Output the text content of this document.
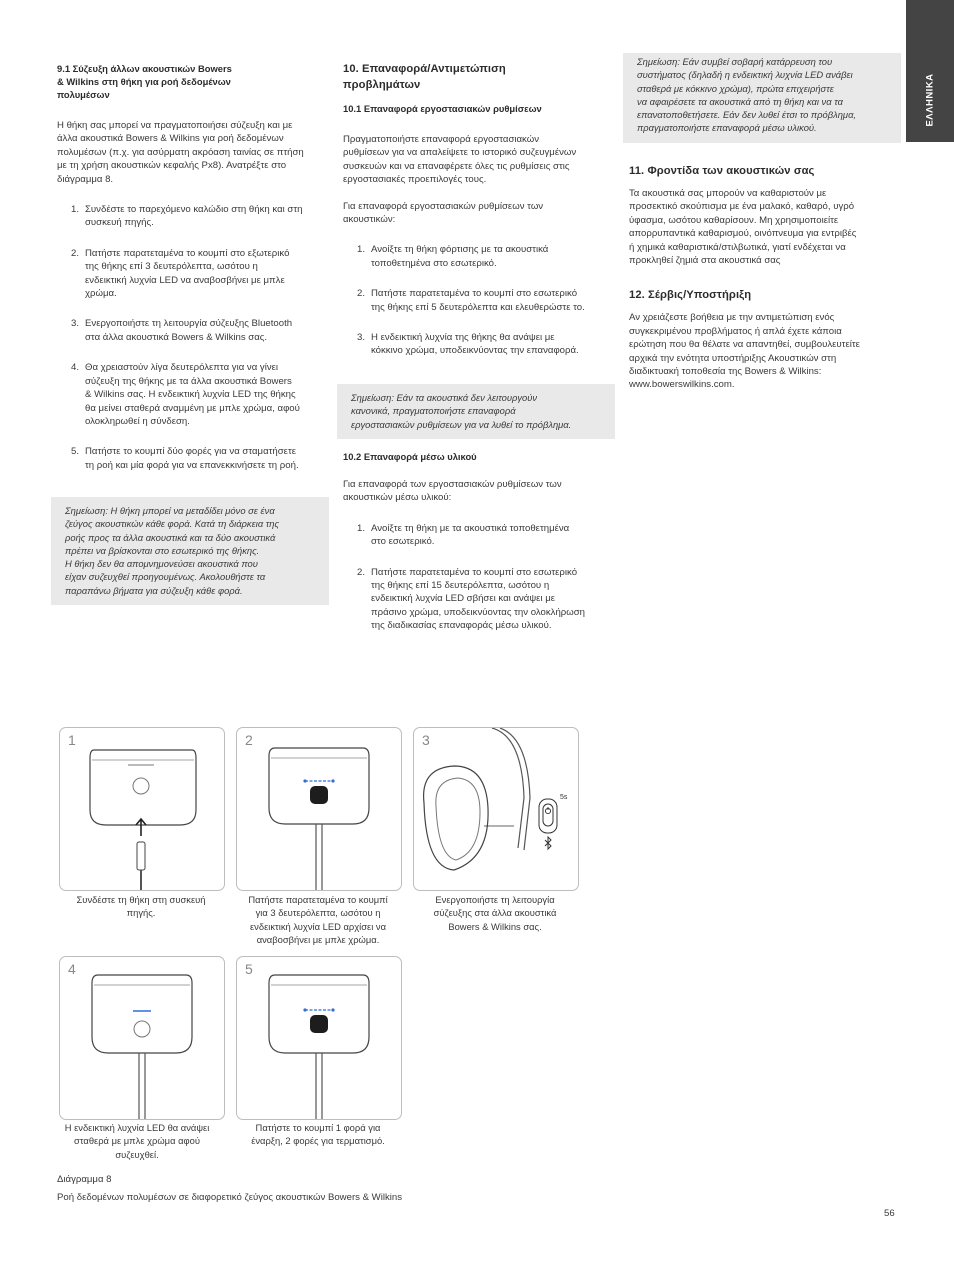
ΕΛΛΗΝΙΚΑ
9.1 Σύζευξη άλλων ακουστικών Bowers
& Wilkins στη θήκη για ροή δεδομένων
πολυμέσων

Η θήκη σας μπορεί να πραγματοποιήσει σύζευξη και με
άλλα ακουστικά Bowers & Wilkins για ροή δεδομένων
πολυμέσων (π.χ. για ασύρματη ακρόαση ταινίας σε πτήση
με τη χρήση ακουστικών κεφαλής Px8). Ανατρέξτε στο
διάγραμμα 8.

1. Συνδέστε το παρεχόμενο καλώδιο στη θήκη και στη
συσκευή πηγής.
2. Πατήστε παρατεταμένα το κουμπί στο εξωτερικό
της θήκης επί 3 δευτερόλεπτα, ωσότου η
ενδεικτική λυχνία LED να αναβοσβήνει με μπλε
χρώμα.
3. Ενεργοποιήστε τη λειτουργία σύζευξης Bluetooth
στα άλλα ακουστικά Bowers & Wilkins σας.
4. Θα χρειαστούν λίγα δευτερόλεπτα για να γίνει
σύζευξη της θήκης με τα άλλα ακουστικά Bowers
& Wilkins σας. Η ενδεικτική λυχνία LED της θήκης
θα μείνει σταθερά αναμμένη με μπλε χρώμα, αφού
ολοκληρωθεί η σύνδεση.
5. Πατήστε το κουμπί δύο φορές για να σταματήσετε
τη ροή και μία φορά για να επανεκκινήσετε τη ροή.
Σημείωση: Η θήκη μπορεί να μεταδίδει μόνο σε ένα
ζεύγος ακουστικών κάθε φορά. Κατά τη διάρκεια της
ροής προς τα άλλα ακουστικά και τα δύο ακουστικά
πρέπει να βρίσκονται στο εσωτερικό της θήκης.
Η θήκη δεν θα απομνημονεύσει ακουστικά που
είχαν συζευχθεί προηγουμένως. Ακολουθήστε τα
παραπάνω βήματα για σύζευξη κάθε φορά.
10. Επαναφορά/Αντιμετώπιση
προβλημάτων
10.1 Επαναφορά εργοστασιακών ρυθμίσεων

Πραγματοποιήστε επαναφορά εργοστασιακών
ρυθμίσεων για να απαλείψετε το ιστορικό συζευγμένων
συσκευών και να επαναφέρετε όλες τις ρυθμίσεις στις
εργοστασιακές προεπιλογές τους.

Για επαναφορά εργοστασιακών ρυθμίσεων των
ακουστικών:

1. Ανοίξτε τη θήκη φόρτισης με τα ακουστικά
τοποθετημένα στο εσωτερικό.
2. Πατήστε παρατεταμένα το κουμπί στο εσωτερικό
της θήκης επί 5 δευτερόλεπτα και ελευθερώστε το.
3. Η ενδεικτική λυχνία της θήκης θα ανάψει με
κόκκινο χρώμα, υποδεικνύοντας την επαναφορά.
Σημείωση: Εάν τα ακουστικά δεν λειτουργούν
κανονικά, πραγματοποιήστε επαναφορά
εργοστασιακών ρυθμίσεων για να λυθεί το πρόβλημα.
10.2 Επαναφορά μέσω υλικού

Για επαναφορά των εργοστασιακών ρυθμίσεων των
ακουστικών μέσω υλικού:

1. Ανοίξτε τη θήκη με τα ακουστικά τοποθετημένα
στο εσωτερικό.
2. Πατήστε παρατεταμένα το κουμπί στο εσωτερικό
της θήκης επί 15 δευτερόλεπτα, ωσότου η
ενδεικτική λυχνία LED σβήσει και ανάψει με
πράσινο χρώμα, υποδεικνύοντας την ολοκλήρωση
της διαδικασίας επαναφοράς μέσω υλικού.
Σημείωση: Εάν συμβεί σοβαρή κατάρρευση του
συστήματος (δηλαδή η ενδεικτική λυχνία LED ανάβει
σταθερά με κόκκινο χρώμα), πρώτα επιχειρήστε
να αφαιρέσετε τα ακουστικά από τη θήκη και να τα
επανατοποθετήσετε. Εάν δεν λυθεί έτσι το πρόβλημα,
πραγματοποιήστε επαναφορά μέσω υλικού.
11. Φροντίδα των ακουστικών σας

Τα ακουστικά σας μπορούν να καθαριστούν με
προσεκτικό σκούπισμα με ένα μαλακό, καθαρό, υγρό
ύφασμα, ωσότου καθαρίσουν. Μη χρησιμοποιείτε
απορρυπαντικά καθαρισμού, οινόπνευμα για εντριβές
ή χημικά καθαριστικά/στιλβωτικά, γιατί ενδέχεται να
προκληθεί ζημιά στα ακουστικά σας

12. Σέρβις/Υποστήριξη

Αν χρειάζεστε βοήθεια με την αντιμετώπιση ενός
συγκεκριμένου προβλήματος ή απλά έχετε κάποια
ερώτηση που θα θέλατε να απαντηθεί, συμβουλευτείτε
αρχικά την ενότητα υποστήριξης Ακουστικών στη
διαδικτυακή τοποθεσία της Bowers & Wilkins:
www.bowerswilkins.com.

1
Συνδέστε τη θήκη στη συσκευή
πηγής.
2
Πατήστε παρατεταμένα το κουμπί
για 3 δευτερόλεπτα, ωσότου η
ενδεικτική λυχνία LED αρχίσει να
αναβοσβήνει με μπλε χρώμα.
3
5s
Ενεργοποιήστε τη λειτουργία
σύζευξης στα άλλα ακουστικά
Bowers & Wilkins σας.
4
Η ενδεικτική λυχνία LED θα ανάψει
σταθερά με μπλε χρώμα αφού
συζευχθεί.
5
Πατήστε το κουμπί 1 φορά για
έναρξη, 2 φορές για τερματισμό.
Διάγραμμα 8
Ροή δεδομένων πολυμέσων σε διαφορετικό ζεύγος ακουστικών Bowers & Wilkins
56
